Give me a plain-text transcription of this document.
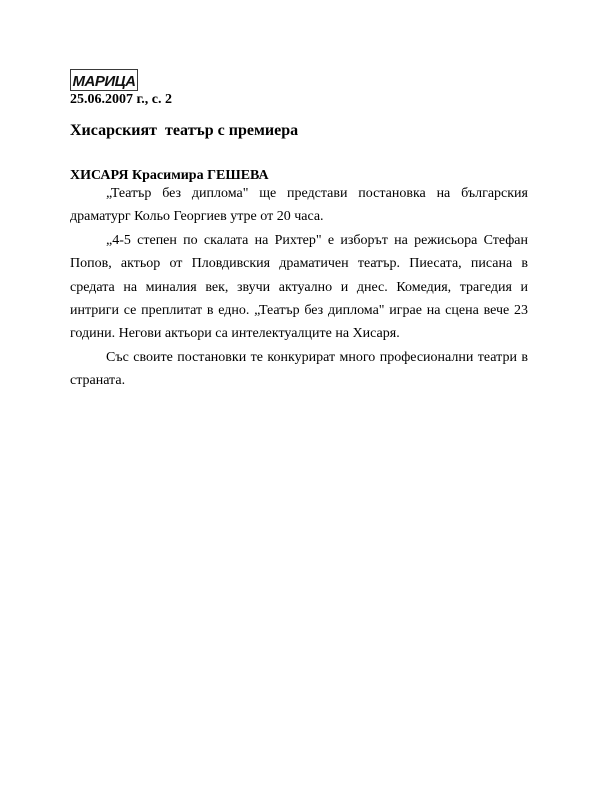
МАРИЦА
25.06.2007 г., с. 2
Хисарският  театър с премиера
ХИСАРЯ Красимира ГЕШЕВА

„Театър без диплома" ще представи постановка на българския драматург Кольо Георгиев утре от 20 часа.

„4-5 степен по скалата на Рихтер" е изборът на режисьора Стефан Попов, актьор от Пловдивския драматичен театър. Пиесата, писана в средата на миналия век, звучи актуално и днес. Комедия, трагедия и интриги се преплитат в едно. „Театър без диплома" играе на сцена вече 23 години. Негови актьори са интелектуалците на Хисаря.

Със своите постановки те конкурират много професионални театри в страната.
